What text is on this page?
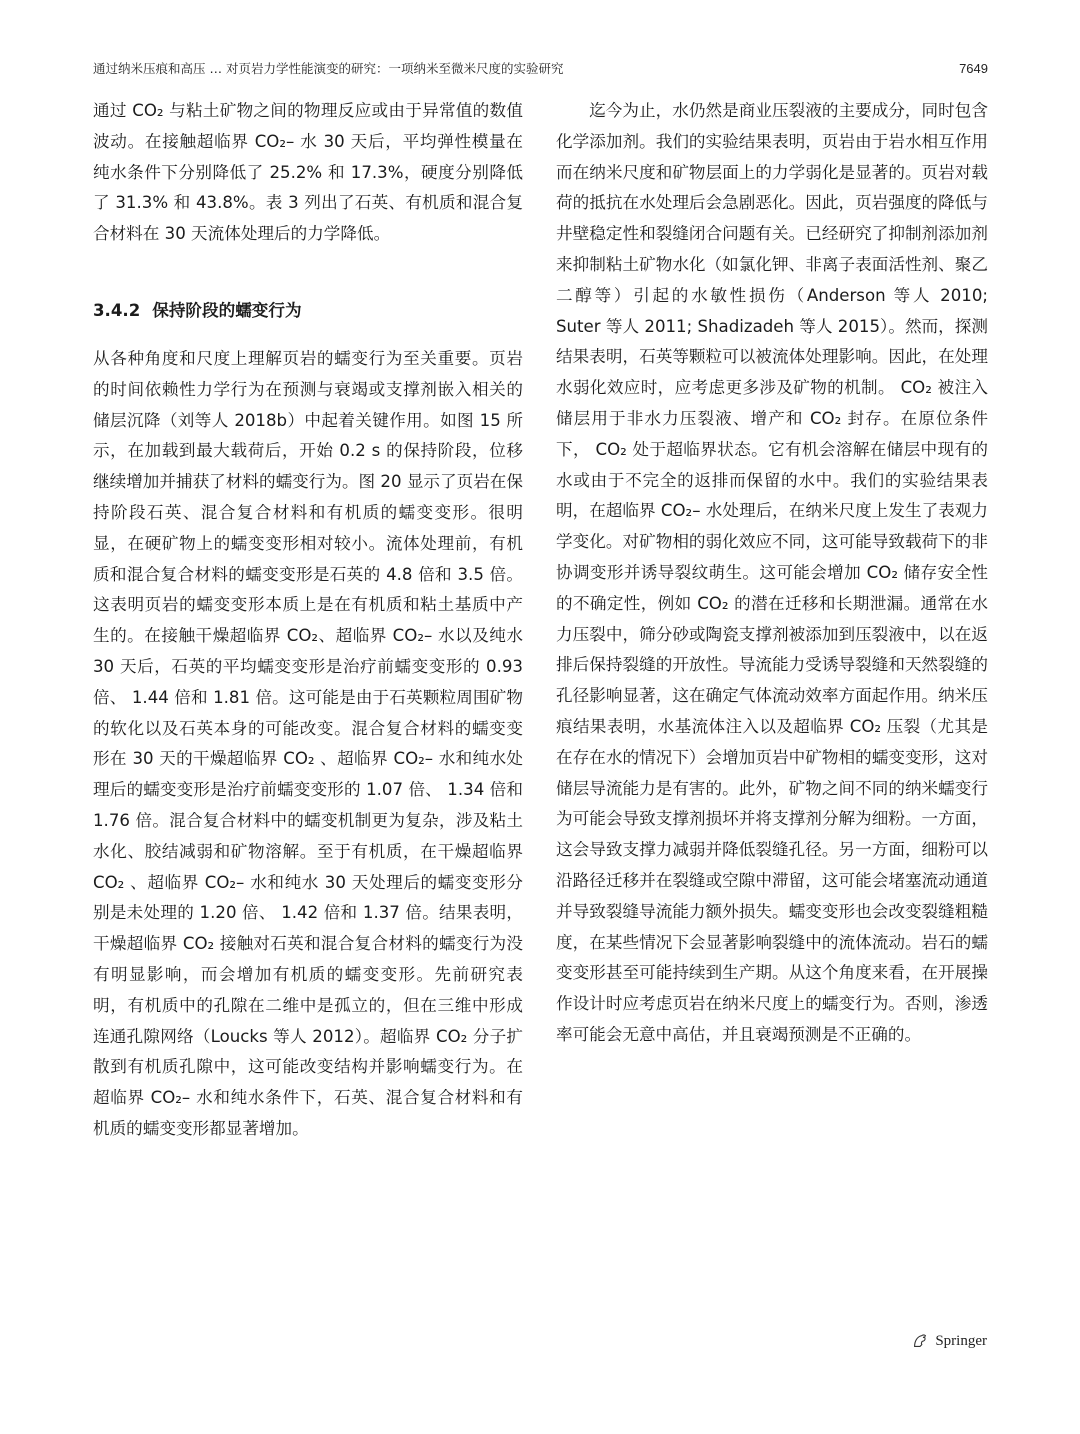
通过纳米压痕和高压 … 对页岩力学性能演变的研究：一项纳米至微米尺度的实验研究	7649

通过 CO₂ 与粘土矿物之间的物理反应或由于异常值的数值波动。在接触超临界 CO₂– 水 30 天后，平均弹性模量在纯水条件下分别降低了 25.2% 和 17.3%，硬度分别降低了 31.3% 和 43.8%。表 3 列出了石英、有机质和混合复合材料在 30 天流体处理后的力学降低。

3.4.2 保持阶段的蠕变行为

从各种角度和尺度上理解页岩的蠕变行为至关重要。页岩的时间依赖性力学行为在预测与衰竭或支撑剂嵌入相关的储层沉降（刘等人 2018b）中起着关键作用。如图 15 所示，在加载到最大载荷后，开始 0.2 s 的保持阶段，位移继续增加并捕获了材料的蠕变行为。图 20 显示了页岩在保持阶段石英、混合复合材料和有机质的蠕变变形。很明显，在硬矿物上的蠕变变形相对较小。流体处理前，有机质和混合复合材料的蠕变变形是石英的 4.8 倍和 3.5 倍。这表明页岩的蠕变变形本质上是在有机质和粘土基质中产生的。在接触干燥超临界 CO₂、超临界 CO₂– 水以及纯水 30 天后，石英的平均蠕变变形是治疗前蠕变变形的 0.93 倍、 1.44 倍和 1.81 倍。这可能是由于石英颗粒周围矿物的软化以及石英本身的可能改变。混合复合材料的蠕变变形在 30 天的干燥超临界 CO₂ 、超临界 CO₂– 水和纯水处理后的蠕变变形是治疗前蠕变变形的 1.07 倍、 1.34 倍和 1.76 倍。混合复合材料中的蠕变机制更为复杂，涉及粘土水化、胶结减弱和矿物溶解。至于有机质，在干燥超临界 CO₂ 、超临界 CO₂– 水和纯水 30 天处理后的蠕变变形分别是未处理的 1.20 倍、 1.42 倍和 1.37 倍。结果表明，干燥超临界 CO₂ 接触对石英和混合复合材料的蠕变行为没有明显影响，而会增加有机质的蠕变变形。先前研究表明，有机质中的孔隙在二维中是孤立的，但在三维中形成连通孔隙网络（Loucks 等人 2012）。超临界 CO₂ 分子扩散到有机质孔隙中，这可能改变结构并影响蠕变行为。在超临界 CO₂– 水和纯水条件下，石英、混合复合材料和有机质的蠕变变形都显著增加。

迄今为止，水仍然是商业压裂液的主要成分，同时包含化学添加剂。我们的实验结果表明，页岩由于岩水相互作用而在纳米尺度和矿物层面上的力学弱化是显著的。页岩对载荷的抵抗在水处理后会急剧恶化。因此，页岩强度的降低与井壁稳定性和裂缝闭合问题有关。已经研究了抑制剂添加剂来抑制粘土矿物水化（如氯化钾、非离子表面活性剂、聚乙二醇等）引起的水敏性损伤（Anderson 等人 2010; Suter 等人 2011; Shadizadeh 等人 2015）。然而，探测结果表明，石英等颗粒可以被流体处理影响。因此，在处理水弱化效应时，应考虑更多涉及矿物的机制。 CO₂ 被注入储层用于非水力压裂液、增产和 CO₂ 封存。在原位条件下， CO₂ 处于超临界状态。它有机会溶解在储层中现有的水或由于不完全的返排而保留的水中。我们的实验结果表明，在超临界 CO₂– 水处理后，在纳米尺度上发生了表观力学变化。对矿物相的弱化效应不同，这可能导致载荷下的非协调变形并诱导裂纹萌生。这可能会增加 CO₂ 储存安全性的不确定性，例如 CO₂ 的潜在迁移和长期泄漏。通常在水力压裂中，筛分砂或陶瓷支撑剂被添加到压裂液中，以在返排后保持裂缝的开放性。导流能力受诱导裂缝和天然裂缝的孔径影响显著，这在确定气体流动效率方面起作用。纳米压痕结果表明，水基流体注入以及超临界 CO₂ 压裂（尤其是在存在水的情况下）会增加页岩中矿物相的蠕变变形，这对储层导流能力是有害的。此外，矿物之间不同的纳米蠕变行为可能会导致支撑剂损坏并将支撑剂分解为细粉。一方面，这会导致支撑力减弱并降低裂缝孔径。另一方面，细粉可以沿路径迁移并在裂缝或空隙中滞留，这可能会堵塞流动通道并导致裂缝导流能力额外损失。蠕变变形也会改变裂缝粗糙度，在某些情况下会显著影响裂缝中的流体流动。岩石的蠕变变形甚至可能持续到生产期。从这个角度来看，在开展操作设计时应考虑页岩在纳米尺度上的蠕变行为。否则，渗透率可能会无意中高估，并且衰竭预测是不正确的。

Springer
